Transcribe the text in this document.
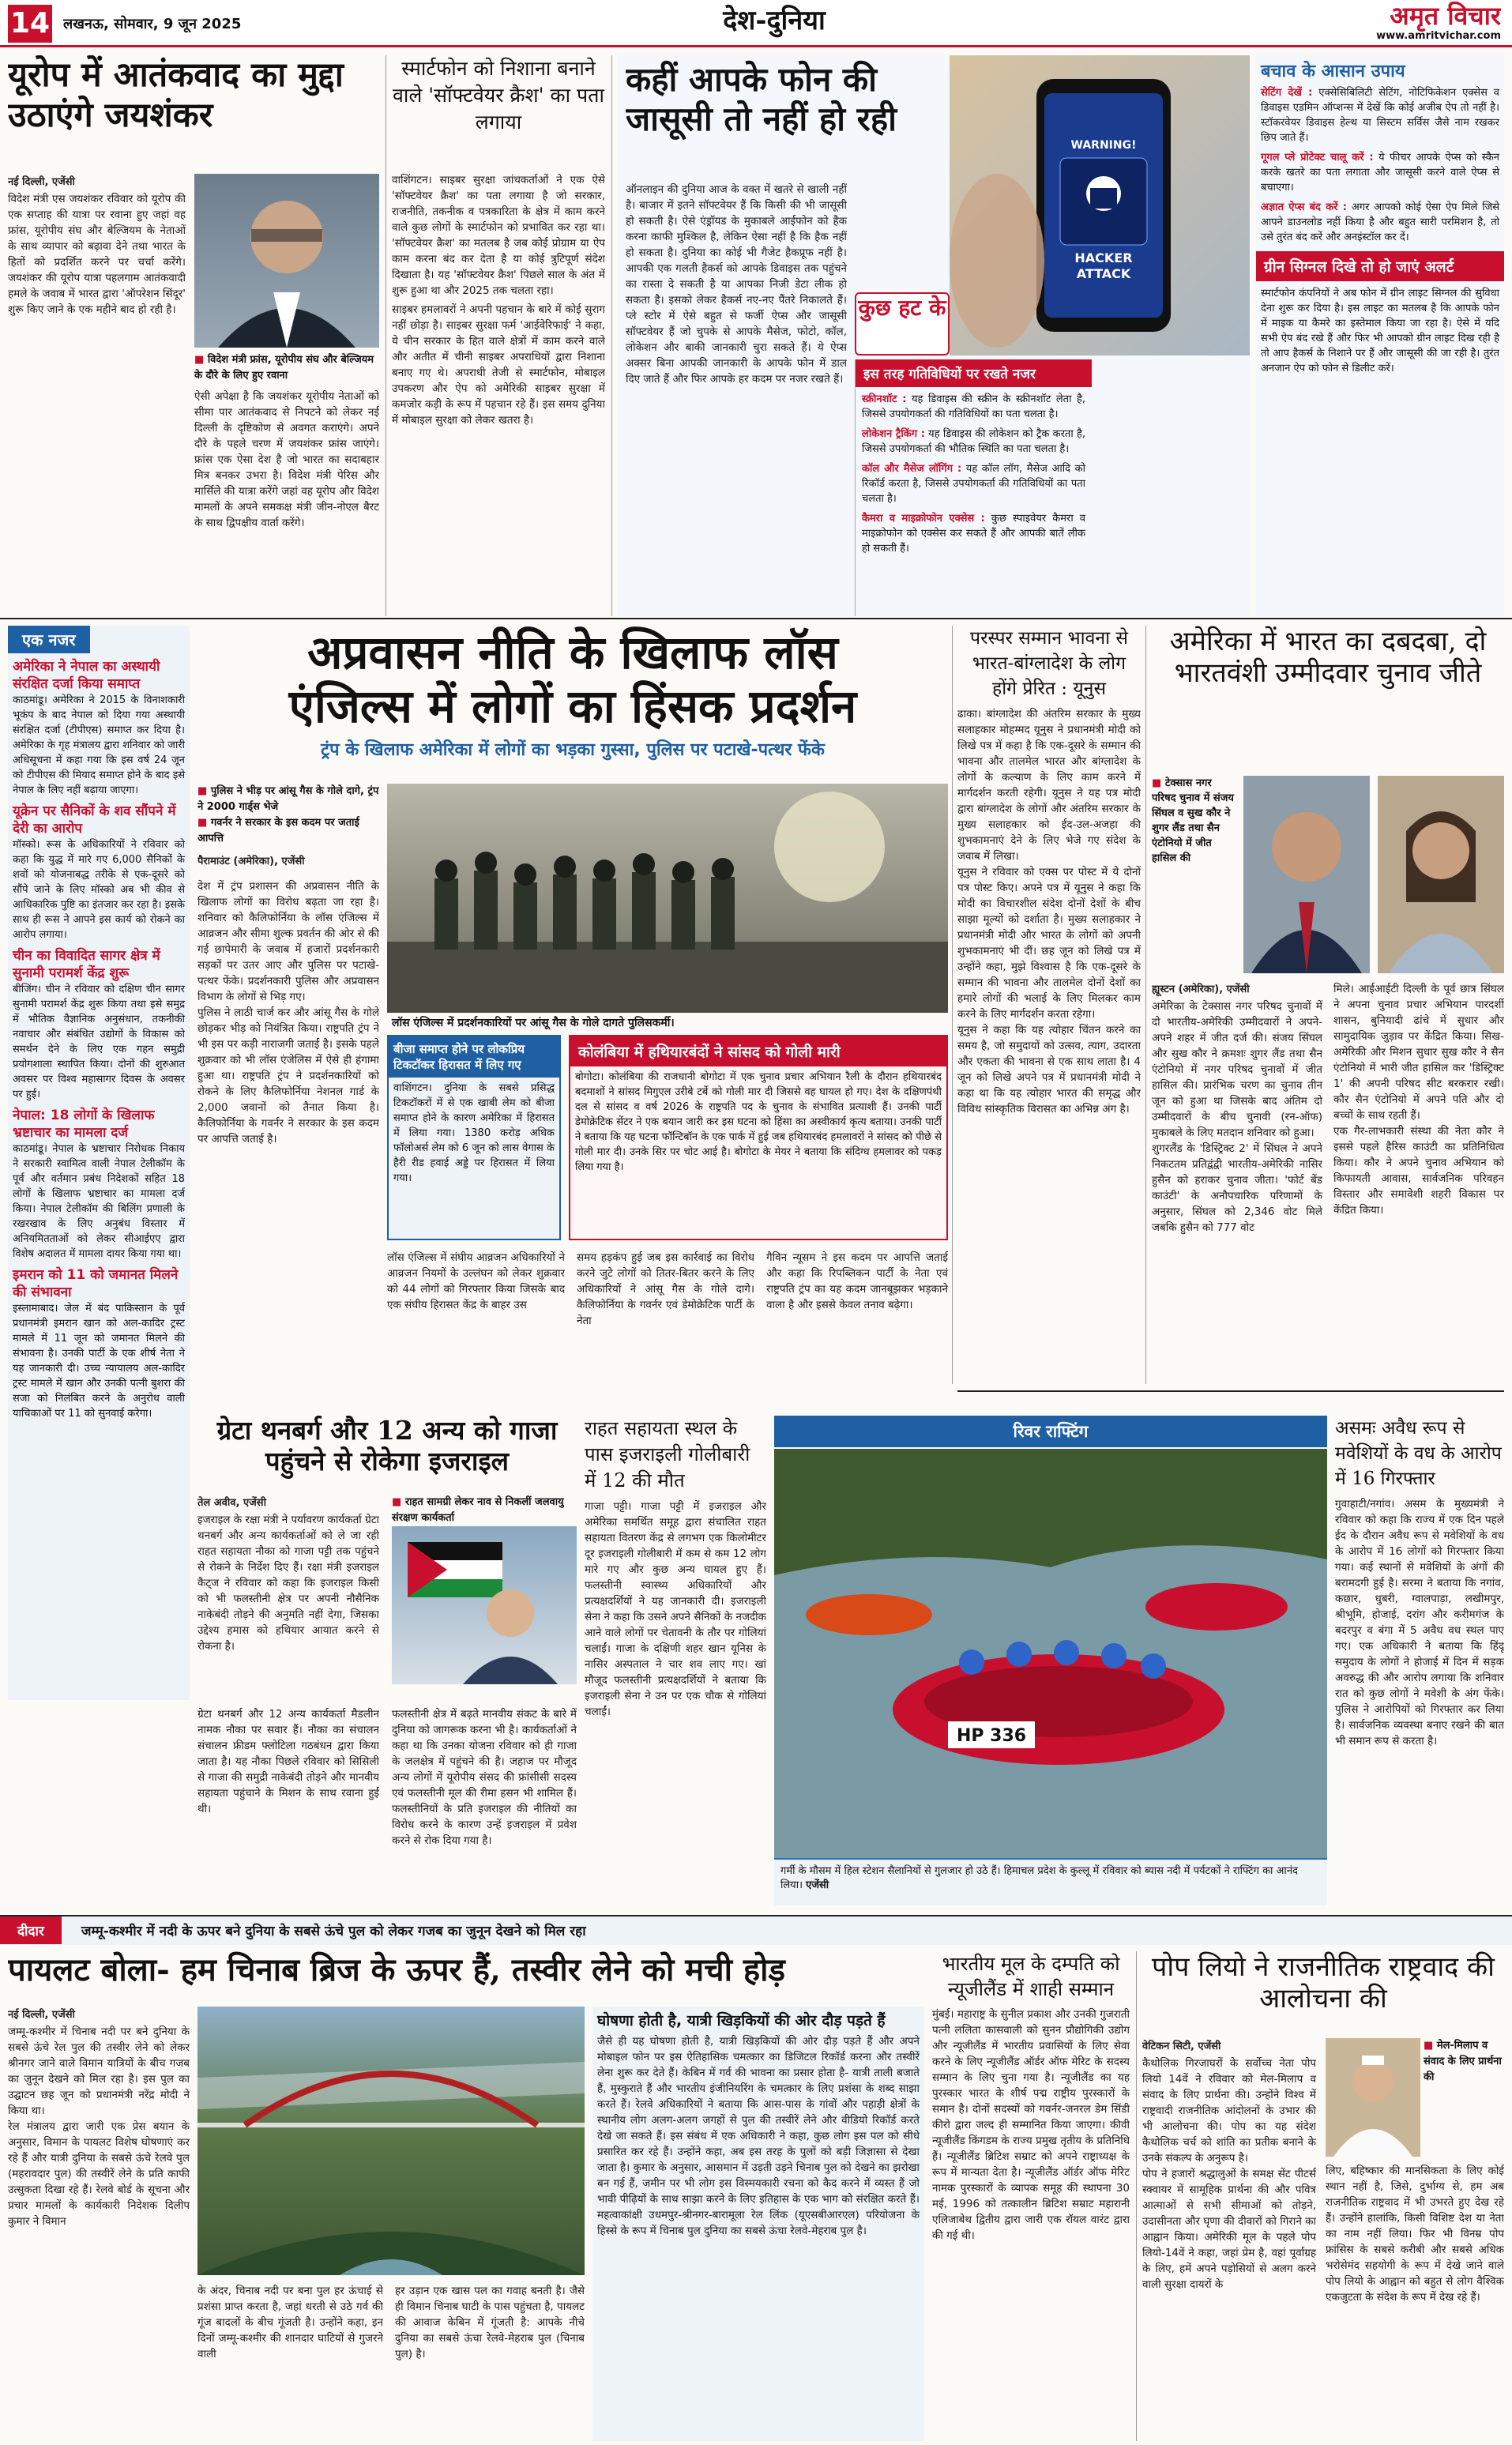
14 लखनऊ, सोमवार, 9 जून 2025	देश-दुनिया	अमृत विचार
www.amritvichar.com
यूरोप में आतंकवाद का मुद्दा उठाएंगे जयशंकर
नई दिल्ली, एजेंसी
विदेश मंत्री एस जयशंकर रविवार को यूरोप की एक सप्ताह की यात्रा पर रवाना हुए जहां वह फ्रांस, यूरोपीय संघ और बेल्जियम के नेताओं के साथ व्यापार को बढ़ावा देने तथा भारत के हितों को प्रदर्शित करने पर चर्चा करेंगे। जयशंकर की यूरोप यात्रा पहलगाम आतंकवादी हमले के जवाब में भारत द्वारा 'ऑपरेशन सिंदूर' शुरू किए जाने के एक महीने बाद हो रही है।
■ विदेश मंत्री फ्रांस, यूरोपीय संघ और बेल्जियम के दौरे के लिए हुए रवाना
ऐसी अपेक्षा है कि जयशंकर यूरोपीय नेताओं को सीमा पार आतंकवाद से निपटने को लेकर नई दिल्ली के दृष्टिकोण से अवगत कराएंगे। अपने दौरे के पहले चरण में जयशंकर फ्रांस जाएंगे। फ्रांस एक ऐसा देश है जो भारत का सदाबहार मित्र बनकर उभरा है। विदेश मंत्री पेरिस और मार्सिले की यात्रा करेंगे जहां वह यूरोप और विदेश मामलों के अपने समकक्ष मंत्री जीन-नोएल बैरट के साथ द्विपक्षीय वार्ता करेंगे।
स्मार्टफोन को निशाना बनाने वाले 'सॉफ्टवेयर क्रैश' का पता लगाया
वाशिंगटन। साइबर सुरक्षा जांचकर्ताओं ने एक ऐसे 'सॉफ्टवेयर क्रैश' का पता लगाया है जो सरकार, राजनीति, तकनीक व पत्रकारिता के क्षेत्र में काम करने वाले कुछ लोगों के स्मार्टफोन को प्रभावित कर रहा था। 'सॉफ्टवेयर क्रैश' का मतलब है जब कोई प्रोग्राम या ऐप काम करना बंद कर देता है या कोई त्रुटिपूर्ण संदेश दिखाता है। यह 'सॉफ्टवेयर क्रैश' पिछले साल के अंत में शुरू हुआ था और 2025 तक चलता रहा।
साइबर हमलावरों ने अपनी पहचान के बारे में कोई सुराग नहीं छोड़ा है। साइबर सुरक्षा फर्म 'आईवेरिफाई' ने कहा, ये चीन सरकार के हित वाले क्षेत्रों में काम करने वाले और अतीत में चीनी साइबर अपराधियों द्वारा निशाना बनाए गए थे। अपराधी तेजी से स्मार्टफोन, मोबाइल उपकरण और ऐप को अमेरिकी साइबर सुरक्षा में कमजोर कड़ी के रूप में पहचान रहे हैं। इस समय दुनिया में मोबाइल सुरक्षा को लेकर खतरा है।
कहीं आपके फोन की जासूसी तो नहीं हो रही
WARNING!
HACKER
ATTACK
कुछ हट के
ऑनलाइन की दुनिया आज के वक्त में खतरे से खाली नहीं है। बाजार में इतने सॉफ्टवेयर हैं कि किसी की भी जासूसी हो सकती है। ऐसे एंड्रॉयड के मुकाबले आईफोन को हैक करना काफी मुश्किल है, लेकिन ऐसा नहीं है कि हैक नहीं हो सकता है। दुनिया का कोई भी गैजेट हैकप्रूफ नहीं है। आपकी एक गलती हैकर्स को आपके डिवाइस तक पहुंचने का रास्ता दे सकती है या आपका निजी डेटा लीक हो सकता है। इसको लेकर हैकर्स नए-नए पैंतरे निकालते हैं। प्ले स्टोर में ऐसे बहुत से फर्जी ऐप्स और जासूसी सॉफ्टवेयर हैं जो चुपके से आपके मैसेज, फोटो, कॉल, लोकेशन और बाकी जानकारी चुरा सकते हैं। ये ऐप्स अक्सर बिना आपकी जानकारी के आपके फोन में डाल दिए जाते हैं और फिर आपके हर कदम पर नजर रखते हैं।	इस तरह गतिविधियों पर रखते नजर
स्क्रीनशॉट : यह डिवाइस की स्क्रीन के स्क्रीनशॉट लेता है, जिससे उपयोगकर्ता की गतिविधियों का पता चलता है।
लोकेशन ट्रैकिंग : यह डिवाइस की लोकेशन को ट्रैक करता है, जिससे उपयोगकर्ता की भौतिक स्थिति का पता चलता है।
कॉल और मैसेज लॉगिंग : यह कॉल लॉग, मैसेज आदि को रिकॉर्ड करता है, जिससे उपयोगकर्ता की गतिविधियों का पता चलता है।
कैमरा व माइक्रोफोन एक्सेस : कुछ स्पाइवेयर कैमरा व माइक्रोफोन को एक्सेस कर सकते हैं और आपकी बातें लीक हो सकती हैं।
बचाव के आसान उपाय
सेटिंग देखें : एक्सेसिबिलिटी सेटिंग, नोटिफिकेशन एक्सेस व डिवाइस एडमिन ऑप्शन्स में देखें कि कोई अजीब ऐप तो नहीं है। स्टॉकरवेयर डिवाइस हेल्थ या सिस्टम सर्विस जैसे नाम रखकर छिप जाते हैं।
गूगल प्ले प्रोटेक्ट चालू करें : ये फीचर आपके ऐप्स को स्कैन करके खतरे का पता लगाता और जासूसी करने वाले ऐप्स से बचाएगा।
अज्ञात ऐप्स बंद करें : अगर आपको कोई ऐसा ऐप मिले जिसे आपने डाउनलोड नहीं किया है और बहुत सारी परमिशन है, तो उसे तुरंत बंद करें और अनइंस्टॉल कर दें।
ग्रीन सिग्नल दिखे तो हो जाएं अलर्ट
स्मार्टफोन कंपनियों ने अब फोन में ग्रीन लाइट सिग्नल की सुविधा देना शुरू कर दिया है। इस लाइट का मतलब है कि आपके फोन में माइक या कैमरे का इस्तेमाल किया जा रहा है। ऐसे में यदि सभी ऐप बंद रखे हैं और फिर भी आपको ग्रीन लाइट दिख रही है तो आप हैकर्स के निशाने पर हैं और जासूसी की जा रही है। तुरंत अनजान ऐप को फोन से डिलीट करें।
एक नजर
अमेरिका ने नेपाल का अस्थायी संरक्षित दर्जा किया समाप्त
काठमांडू। अमेरिका ने 2015 के विनाशकारी भूकंप के बाद नेपाल को दिया गया अस्थायी संरक्षित दर्जा (टीपीएस) समाप्त कर दिया है। अमेरिका के गृह मंत्रालय द्वारा शनिवार को जारी अधिसूचना में कहा गया कि इस वर्ष 24 जून को टीपीएस की मियाद समाप्त होने के बाद इसे नेपाल के लिए नहीं बढ़ाया जाएगा।
यूक्रेन पर सैनिकों के शव सौंपने में देरी का आरोप
मॉस्को। रूस के अधिकारियों ने रविवार को कहा कि युद्ध में मारे गए 6,000 सैनिकों के शवों को योजनाबद्ध तरीके से एक-दूसरे को सौंपे जाने के लिए मॉस्को अब भी कीव से आधिकारिक पुष्टि का इंतजार कर रहा है। इसके साथ ही रूस ने आपने इस कार्य को रोकने का आरोप लगाया।
चीन का विवादित सागर क्षेत्र में सुनामी परामर्श केंद्र शुरू
बीजिंग। चीन ने रविवार को दक्षिण चीन सागर सुनामी परामर्श केंद्र शुरू किया तथा इसे समुद्र में भौतिक वैज्ञानिक अनुसंधान, तकनीकी नवाचार और संबंधित उद्योगों के विकास को समर्थन देने के लिए एक गहन समुद्री प्रयोगशाला स्थापित किया। दोनों की शुरुआत अवसर पर विश्व महासागर दिवस के अवसर पर हुई।
नेपाल: 18 लोगों के खिलाफ भ्रष्टाचार का मामला दर्ज
काठमांडू। नेपाल के भ्रष्टाचार निरोधक निकाय ने सरकारी स्वामित्व वाली नेपाल टेलीकॉम के पूर्व और वर्तमान प्रबंध निदेशकों सहित 18 लोगों के खिलाफ भ्रष्टाचार का मामला दर्ज किया। नेपाल टेलीकॉम की बिलिंग प्रणाली के रखरखाव के लिए अनुबंध विस्तार में अनियमितताओं को लेकर सीआईएए द्वारा विशेष अदालत में मामला दायर किया गया था।
इमरान को 11 को जमानत मिलने की संभावना
इस्लामाबाद। जेल में बंद पाकिस्तान के पूर्व प्रधानमंत्री इमरान खान को अल-कादिर ट्रस्ट मामले में 11 जून को जमानत मिलने की संभावना है। उनकी पार्टी के एक शीर्ष नेता ने यह जानकारी दी। उच्च न्यायालय अल-कादिर ट्रस्ट मामले में खान और उनकी पत्नी बुशरा की सजा को निलंबित करने के अनुरोध वाली याचिकाओं पर 11 को सुनवाई करेगा।
अप्रवासन नीति के खिलाफ लॉस
एंजिल्स में लोगों का हिंसक प्रदर्शन
ट्रंप के खिलाफ अमेरिका में लोगों का भड़का गुस्सा, पुलिस पर पटाखे-पत्थर फेंके
■ पुलिस ने भीड़ पर आंसू गैस के गोले दागे, ट्रंप ने 2000 गार्ड्स भेजे
■ गवर्नर ने सरकार के इस कदम पर जताई आपत्ति
पैरामाउंट (अमेरिका), एजेंसी
देश में ट्रंप प्रशासन की अप्रवासन नीति के खिलाफ लोगों का विरोध बढ़ता जा रहा है। शनिवार को कैलिफोर्निया के लॉस एंजिल्स में आव्रजन और सीमा शुल्क प्रवर्तन की ओर से की गई छापेमारी के जवाब में हजारों प्रदर्शनकारी सड़कों पर उतर आए और पुलिस पर पटाखे-पत्थर फेंके। प्रदर्शनकारी पुलिस और अप्रवासन विभाग के लोगों से भिड़ गए।
पुलिस ने लाठी चार्ज कर और आंसू गैस के गोले छोड़कर भीड़ को नियंत्रित किया। राष्ट्रपति ट्रंप ने भी इस पर कड़ी नाराजगी जताई है। इसके पहले शुक्रवार को भी लॉस एंजेलिस में ऐसे ही हंगामा हुआ था। राष्ट्रपति ट्रंप ने प्रदर्शनकारियों को रोकने के लिए कैलिफोर्निया नेशनल गार्ड के 2,000 जवानों को तैनात किया है। कैलिफोर्निया के गवर्नर ने सरकार के इस कदम पर आपत्ति जताई है।
लॉस एंजिल्स में प्रदर्शनकारियों पर आंसू गैस के गोले दागते पुलिसकर्मी।
बीजा समाप्त होने पर लोकप्रिय टिकटॉकर हिरासत में लिए गए
वाशिंगटन। दुनिया के सबसे प्रसिद्ध टिकटॉकरों में से एक खाबी लेम को बीजा समाप्त होने के कारण अमेरिका में हिरासत में लिया गया। 1380 करोड़ अधिक फॉलोअर्स लेम को 6 जून को लास वेगास के हैरी रीड हवाई अड्डे पर हिरासत में लिया गया।
कोलंबिया में हथियारबंदों ने सांसद को गोली मारी
बोगोटा। कोलंबिया की राजधानी बोगोटा में एक चुनाव प्रचार अभियान रैली के दौरान हथियारबंद बदमाशों ने सांसद मिगुएल उरीबे टर्बे को गोली मार दी जिससे वह घायल हो गए। देश के दक्षिणपंथी दल से सांसद व वर्ष 2026 के राष्ट्रपति पद के चुनाव के संभावित प्रत्याशी हैं। उनकी पार्टी डेमोक्रेटिक सेंटर ने एक बयान जारी कर इस घटना को हिंसा का अस्वीकार्य कृत्य बताया। उनकी पार्टी ने बताया कि यह घटना फॉन्टिबॉन के एक पार्क में हुई जब हथियारबंद हमलावरों ने सांसद को पीछे से गोली मार दी। उनके सिर पर चोट आई है। बोगोटा के मेयर ने बताया कि संदिग्ध हमलावर को पकड़ लिया गया है।
लॉस एंजिल्स में संघीय आव्रजन अधिकारियों ने आव्रजन नियमों के उल्लंघन को लेकर शुक्रवार को 44 लोगों को गिरफ्तार किया जिसके बाद एक संघीय हिरासत केंद्र के बाहर उस
समय हड़कंप हुई जब इस कार्रवाई का विरोध करने जुटे लोगों को तितर-बितर करने के लिए अधिकारियों ने आंसू गैस के गोले दागे। कैलिफोर्निया के गवर्नर एवं डेमोक्रेटिक पार्टी के नेता
गैविन न्यूसम ने इस कदम पर आपत्ति जताई और कहा कि रिपब्लिकन पार्टी के नेता एवं राष्ट्रपति ट्रंप का यह कदम जानबूझकर भड़काने वाला है और इससे केवल तनाव बढ़ेगा।
परस्पर सम्मान भावना से भारत-बांग्लादेश के लोग होंगे प्रेरित : यूनुस
ढाका। बांग्लादेश की अंतरिम सरकार के मुख्य सलाहकार मोहम्मद यूनुस ने प्रधानमंत्री मोदी को लिखे पत्र में कहा है कि एक-दूसरे के सम्मान की भावना और तालमेल भारत और बांग्लादेश के लोगों के कल्याण के लिए काम करने में मार्गदर्शन करती रहेगी। यूनुस ने यह पत्र मोदी द्वारा बांग्लादेश के लोगों और अंतरिम सरकार के मुख्य सलाहकार को ईद-उल-अजहा की शुभकामनाएं देने के लिए भेजे गए संदेश के जवाब में लिखा।
यूनुस ने रविवार को एक्स पर पोस्ट में ये दोनों पत्र पोस्ट किए। अपने पत्र में यूनुस ने कहा कि मोदी का विचारशील संदेश दोनों देशों के बीच साझा मूल्यों को दर्शाता है। मुख्य सलाहकार ने प्रधानमंत्री मोदी और भारत के लोगों को अपनी शुभकामनाएं भी दीं। छह जून को लिखे पत्र में उन्होंने कहा, मुझे विश्वास है कि एक-दूसरे के सम्मान की भावना और तालमेल दोनों देशों का हमारे लोगों की भलाई के लिए मिलकर काम करने के लिए मार्गदर्शन करता रहेगा।
यूनुस ने कहा कि यह त्योहार चिंतन करने का समय है, जो समुदायों को उत्सव, त्याग, उदारता और एकता की भावना से एक साथ लाता है। 4 जून को लिखे अपने पत्र में प्रधानमंत्री मोदी ने कहा था कि यह त्योहार भारत की समृद्ध और विविध सांस्कृतिक विरासत का अभिन्न अंग है।
अमेरिका में भारत का दबदबा, दो भारतवंशी उम्मीदवार चुनाव जीते
■ टेक्सास नगर परिषद चुनाव में संजय सिंघल व सुख कौर ने शुगर लैंड तथा सैन एंटोनियो में जीत हासिल की
ह्यूस्टन (अमेरिका), एजेंसी
अमेरिका के टेक्सास नगर परिषद चुनावों में दो भारतीय-अमेरिकी उम्मीदवारों ने अपने-अपने शहर में जीत दर्ज की। संजय सिंघल और सुख कौर ने क्रमशः शुगर लैंड तथा सैन एंटोनियो में नगर परिषद चुनावों में जीत हासिल की। प्रारंभिक चरण का चुनाव तीन जून को हुआ था जिसके बाद अंतिम दो उम्मीदवारों के बीच चुनावी (रन-ऑफ) मुकाबले के लिए मतदान शनिवार को हुआ।
शुगरलैंड के 'डिस्ट्रिक्ट 2' में सिंघल ने अपने निकटतम प्रतिद्वंद्वी भारतीय-अमेरिकी नासिर हुसैन को हराकर चुनाव जीता। 'फोर्ट बेंड काउंटी' के अनौपचारिक परिणामों के अनुसार, सिंघल को 2,346 वोट मिले जबकि हुसैन को 777 वोट
मिले। आईआईटी दिल्ली के पूर्व छात्र सिंघल ने अपना चुनाव प्रचार अभियान पारदर्शी शासन, बुनियादी ढांचे में सुधार और सामुदायिक जुड़ाव पर केंद्रित किया। सिख-अमेरिकी और मिशन सुधार सुख कौर ने सैन एंटोनियो में भारी जीत हासिल कर 'डिस्ट्रिक्ट 1' की अपनी परिषद सीट बरकरार रखी। कौर सैन एंटोनियो में अपने पति और दो बच्चों के साथ रहती हैं।
एक गैर-लाभकारी संस्था की नेता कौर ने इससे पहले हैरिस काउंटी का प्रतिनिधित्व किया। कौर ने अपने चुनाव अभियान को किफायती आवास, सार्वजनिक परिवहन विस्तार और समावेशी शहरी विकास पर केंद्रित किया।
ग्रेटा थनबर्ग और 12 अन्य को गाजा पहुंचने से रोकेगा इजराइल
तेल अवीव, एजेंसी
इजराइल के रक्षा मंत्री ने पर्यावरण कार्यकर्ता ग्रेटा थनबर्ग और अन्य कार्यकर्ताओं को ले जा रही राहत सहायता नौका को गाजा पट्टी तक पहुंचने से रोकने के निर्देश दिए हैं। रक्षा मंत्री इजराइल कैट्ज ने रविवार को कहा कि इजराइल किसी को भी फलस्तीनी क्षेत्र पर अपनी नौसैनिक नाकेबंदी तोड़ने की अनुमति नहीं देगा, जिसका उद्देश्य हमास को हथियार आयात करने से रोकना है।
■ राहत सामग्री लेकर नाव से निकलीं जलवायु संरक्षण कार्यकर्ता
ग्रेटा थनबर्ग और 12 अन्य कार्यकर्ता मैडलीन नामक नौका पर सवार हैं। नौका का संचालन संचालन फ्रीडम फ्लोटिला गठबंधन द्वारा किया जाता है। यह नौका पिछले रविवार को सिसिली से गाजा की समुद्री नाकेबंदी तोड़ने और मानवीय सहायता पहुंचाने के मिशन के साथ रवाना हुई थी।
फलस्तीनी क्षेत्र में बढ़ते मानवीय संकट के बारे में दुनिया को जागरूक करना भी है। कार्यकर्ताओं ने कहा था कि उनका योजना रविवार को ही गाजा के जलक्षेत्र में पहुंचने की है। जहाज पर मौजूद अन्य लोगों में यूरोपीय संसद की फ्रांसीसी सदस्य एवं फलस्तीनी मूल की रीमा हसन भी शामिल हैं। फलस्तीनियों के प्रति इजराइल की नीतियों का विरोध करने के कारण उन्हें इजराइल में प्रवेश करने से रोक दिया गया है।
राहत सहायता स्थल के पास इजराइली गोलीबारी में 12 की मौत
गाजा पट्टी। गाजा पट्टी में इजराइल और अमेरिका समर्थित समूह द्वारा संचालित राहत सहायता वितरण केंद्र से लगभग एक किलोमीटर दूर इजराइली गोलीबारी में कम से कम 12 लोग मारे गए और कुछ अन्य घायल हुए हैं। फलस्तीनी स्वास्थ्य अधिकारियों और प्रत्यक्षदर्शियों ने यह जानकारी दी। इजराइली सेना ने कहा कि उसने अपने सैनिकों के नजदीक आने वाले लोगों पर चेतावनी के तौर पर गोलियां चलाईं। गाजा के दक्षिणी शहर खान यूनिस के नासिर अस्पताल ने चार शव लाए गए। खां मौजूद फलस्तीनी प्रत्यक्षदर्शियों ने बताया कि इजराइली सेना ने उन पर एक चौक से गोलियां चलाईं।
रिवर राफ्टिंग
HP 336
गर्मी के मौसम में हिल स्टेशन सैलानियों से गुलजार हो उठे हैं। हिमाचल प्रदेश के कुल्लू में रविवार को ब्यास नदी में पर्यटकों ने राफ्टिंग का आनंद लिया। एजेंसी
असमः अवैध रूप से मवेशियों के वध के आरोप में 16 गिरफ्तार
गुवाहाटी/नगांव। असम के मुख्यमंत्री ने रविवार को कहा कि राज्य में एक दिन पहले ईद के दौरान अवैध रूप से मवेशियों के वध के आरोप में 16 लोगों को गिरफ्तार किया गया। कई स्थानों से मवेशियों के अंगों की बरामदगी हुई है। सरमा ने बताया कि नगांव, कछार, धुबरी, ग्वालपाड़ा, लखीमपुर, श्रीभूमि, होजाई, दरांग और करीमगंज के बदरपुर व बंगा में 5 अवैध वध स्थल पाए गए। एक अधिकारी ने बताया कि हिंदू समुदाय के लोगों ने होजाई में दिन में सड़क अवरुद्ध की और आरोप लगाया कि शनिवार रात को कुछ लोगों ने मवेशी के अंग फेंके। पुलिस ने आरोपियों को गिरफ्तार कर लिया है। सार्वजनिक व्यवस्था बनाए रखने की बात भी समान रूप से करता है।
दीदार	जम्मू-कश्मीर में नदी के ऊपर बने दुनिया के सबसे ऊंचे पुल को लेकर गजब का जुनून देखने को मिल रहा
पायलट बोला- हम चिनाब ब्रिज के ऊपर हैं, तस्वीर लेने को मची होड़
नई दिल्ली, एजेंसी
जम्मू-कश्मीर में चिनाब नदी पर बने दुनिया के सबसे ऊंचे रेल पुल की तस्वीर लेने को लेकर श्रीनगर जाने वाले विमान यात्रियों के बीच गजब का जुनून देखने को मिल रहा है। इस पुल का उद्घाटन छह जून को प्रधानमंत्री नरेंद्र मोदी ने किया था।
रेल मंत्रालय द्वारा जारी एक प्रेस बयान के अनुसार, विमान के पायलट विशेष घोषणाएं कर रहे हैं और यात्री दुनिया के सबसे ऊंचे रेलवे पुल (महरावदार पुल) की तस्वीरें लेने के प्रति काफी उत्सुकता दिखा रहे हैं। रेलवे बोर्ड के सूचना और प्रचार मामलों के कार्यकारी निदेशक दिलीप कुमार ने विमान
के अंदर, चिनाब नदी पर बना पुल हर ऊंचाई से प्रशंसा प्राप्त करता है, जहां धरती से उठे गर्व की गूंज बादलों के बीच गूंजती है। उन्होंने कहा, इन दिनों जम्मू-कश्मीर की शानदार घाटियों से गुजरने वाली
हर उड़ान एक खास पल का गवाह बनती है। जैसे ही विमान चिनाब घाटी के पास पहुंचता है, पायलट की आवाज केबिन में गूंजती है: आपके नीचे दुनिया का सबसे ऊंचा रेलवे-मेहराब पुल (चिनाब पुल) है।
घोषणा होती है, यात्री खिड़कियों की ओर दौड़ पड़ते हैं
जैसे ही यह घोषणा होती है, यात्री खिड़कियों की ओर दौड़ पड़ते हैं और अपने मोबाइल फोन पर इस ऐतिहासिक चमत्कार का डिजिटल रिकॉर्ड करना और तस्वीरें लेना शुरू कर देते हैं। केबिन में गर्व की भावना का प्रसार होता है- यात्री ताली बजाते हैं, मुस्कुराते हैं और भारतीय इंजीनियरिंग के चमत्कार के लिए प्रशंसा के शब्द साझा करते हैं। रेलवे अधिकारियों ने बताया कि आस-पास के गांवों और पहाड़ी क्षेत्रों के स्थानीय लोग अलग-अलग जगहों से पुल की तस्वीरें लेने और वीडियो रिकॉर्ड करते देखे जा सकते हैं। इस संबंध में एक अधिकारी ने कहा, कुछ लोग इस पल को सीधे प्रसारित कर रहे हैं। उन्होंने कहा, अब इस तरह के पुलों को बड़ी जिज्ञासा से देखा जाता है। कुमार के अनुसार, आसमान में उड़ती उड़ने चिनाब पुल को देखने का झरोखा बन गई हैं, जमीन पर भी लोग इस विस्मयकारी रचना को कैद करने में व्यस्त हैं जो भावी पीढ़ियों के साथ साझा करने के लिए इतिहास के एक भाग को संरक्षित करते हैं। महत्वाकांक्षी उधमपुर-श्रीनगर-बारामूला रेल लिंक (यूएसबीआरएल) परियोजना के हिस्से के रूप में चिनाब पुल दुनिया का सबसे ऊंचा रेलवे-मेहराब पुल है।
भारतीय मूल के दम्पति को न्यूजीलैंड में शाही सम्मान
मुंबई। महाराष्ट्र के सुनील प्रकाश और उनकी गुजराती पत्नी ललिता कासवाली को सुनन प्रौद्योगिकी उद्योग और न्यूजीलैंड में भारतीय प्रवासियों के लिए सेवा करने के लिए न्यूजीलैंड ऑर्डर ऑफ मेरिट के सदस्य सम्मान के लिए चुना गया है। न्यूजीलैंड का यह पुरस्कार भारत के शीर्ष पद्म राष्ट्रीय पुरस्कारों के समान है। दोनों सदस्यों को गवर्नर-जनरल डेम सिंडी कीरो द्वारा जल्द ही सम्मानित किया जाएगा। कीवी न्यूजीलैंड किंगडम के राज्य प्रमुख तृतीय के प्रतिनिधि हैं। न्यूजीलैंड ब्रिटिश सम्राट को अपने राष्ट्राध्यक्ष के रूप में मान्यता देता है। न्यूजीलैंड ऑर्डर ऑफ मेरिट नामक पुरस्कारों के व्यापक समूह की स्थापना 30 मई, 1996 को तत्कालीन ब्रिटिश सम्राट महारानी एलिजाबेथ द्वितीय द्वारा जारी एक रॉयल वारंट द्वारा की गई थी।
पोप लियो ने राजनीतिक राष्ट्रवाद की आलोचना की
वेटिकन सिटी, एजेंसी
कैथोलिक गिरजाघरों के सर्वोच्च नेता पोप लियो 14वें ने रविवार को मेल-मिलाप व संवाद के लिए प्रार्थना की। उन्होंने विश्व में राष्ट्रवादी राजनीतिक आंदोलनों के उभार की भी आलोचना की। पोप का यह संदेश कैथोलिक चर्च को शांति का प्रतीक बनाने के उनके संकल्प के अनुरूप है।
पोप ने हजारों श्रद्धालुओं के समक्ष सेंट पीटर्स स्क्वायर में सामूहिक प्रार्थना की और पवित्र आत्माओं से सभी सीमाओं को तोड़ने, उदासीनता और घृणा की दीवारों को गिराने का आह्वान किया। अमेरिकी मूल के पहले पोप लियो-14वें ने कहा, जहां प्रेम है, वहां पूर्वाग्रह के लिए, हमें अपने पड़ोसियों से अलग करने वाली सुरक्षा दायरों के
■ मेल-मिलाप व संवाद के लिए प्रार्थना की
लिए, बहिष्कार की मानसिकता के लिए कोई स्थान नहीं है, जिसे, दुर्भाग्य से, हम अब राजनीतिक राष्ट्रवाद में भी उभरते हुए देख रहे हैं। उन्होंने हालांकि, किसी विशिष्ट देश या नेता का नाम नहीं लिया। फिर भी विनम्र पोप फ्रांसिस के सबसे करीबी और सबसे अधिक भरोसेमंद सहयोगी के रूप में देखे जाने वाले पोप लियो के आह्वान को बहुत से लोग वैश्विक एकजुटता के संदेश के रूप में देख रहे हैं।
